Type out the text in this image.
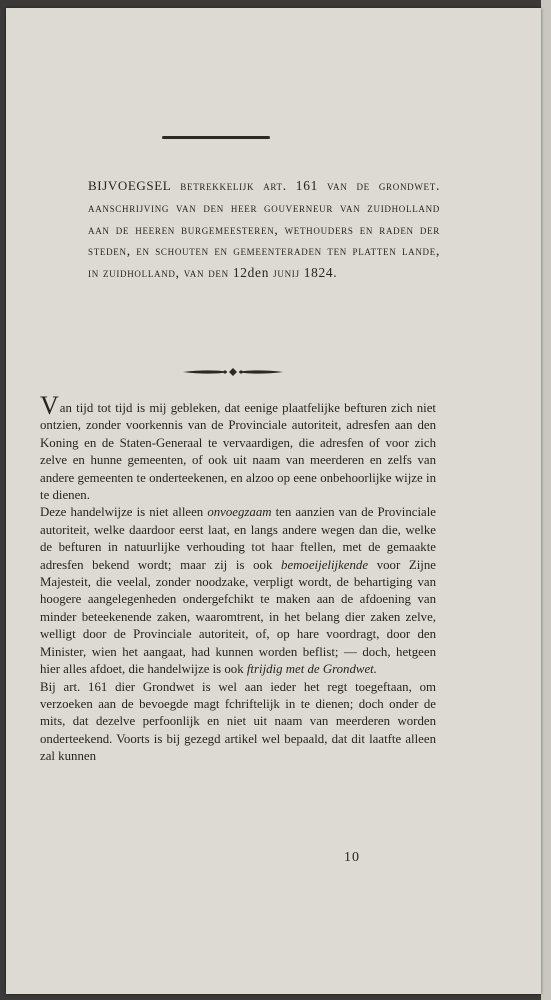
bijvoegsel betrekkelijk art. 161 van de grondwet. aanschrijving van den heer gouverneur van zuidholland aan de heeren burgemeesteren, wethouders en raden der steden, en schouten en gemeenteraden ten platten lande, in zuidholland, van den 12den junij 1824.

Van tijd tot tijd is mij gebleken, dat eenige plaatfelijke befturen zich niet ontzien, zonder voorkennis van de Provinciale autoriteit, adresfen aan den Koning en de Staten-Generaal te vervaardigen, die adresfen of voor zich zelve en hunne gemeenten, of ook uit naam van meerderen en zelfs van andere gemeenten te onderteekenen, en alzoo op eene onbehoorlijke wijze in te dienen.

Deze handelwijze is niet alleen onvoegzaam ten aanzien van de Provinciale autoriteit, welke daardoor eerst laat, en langs andere wegen dan die, welke de befturen in natuurlijke verhouding tot haar ftellen, met de gemaakte adresfen bekend wordt; maar zij is ook bemoeijelijkende voor Zijne Majesteit, die veelal, zonder noodzake, verpligt wordt, de behartiging van hoogere aangelegenheden ondergefchikt te maken aan de afdoening van minder beteekenende zaken, waaromtrent, in het belang dier zaken zelve, welligt door de Provinciale autoriteit, of, op hare voordragt, door den Minister, wien het aangaat, had kunnen worden beflist; — doch, hetgeen hier alles afdoet, die handelwijze is ook ftrijdig met de Grondwet.

Bij art. 161 dier Grondwet is wel aan ieder het regt toegeftaan, om verzoeken aan de bevoegde magt fchriftelijk in te dienen; doch onder de mits, dat dezelve perfoonlijk en niet uit naam van meerderen worden onderteekend. Voorts is bij gezegd artikel wel bepaald, dat dit laatfte alleen zal kunnen

10
